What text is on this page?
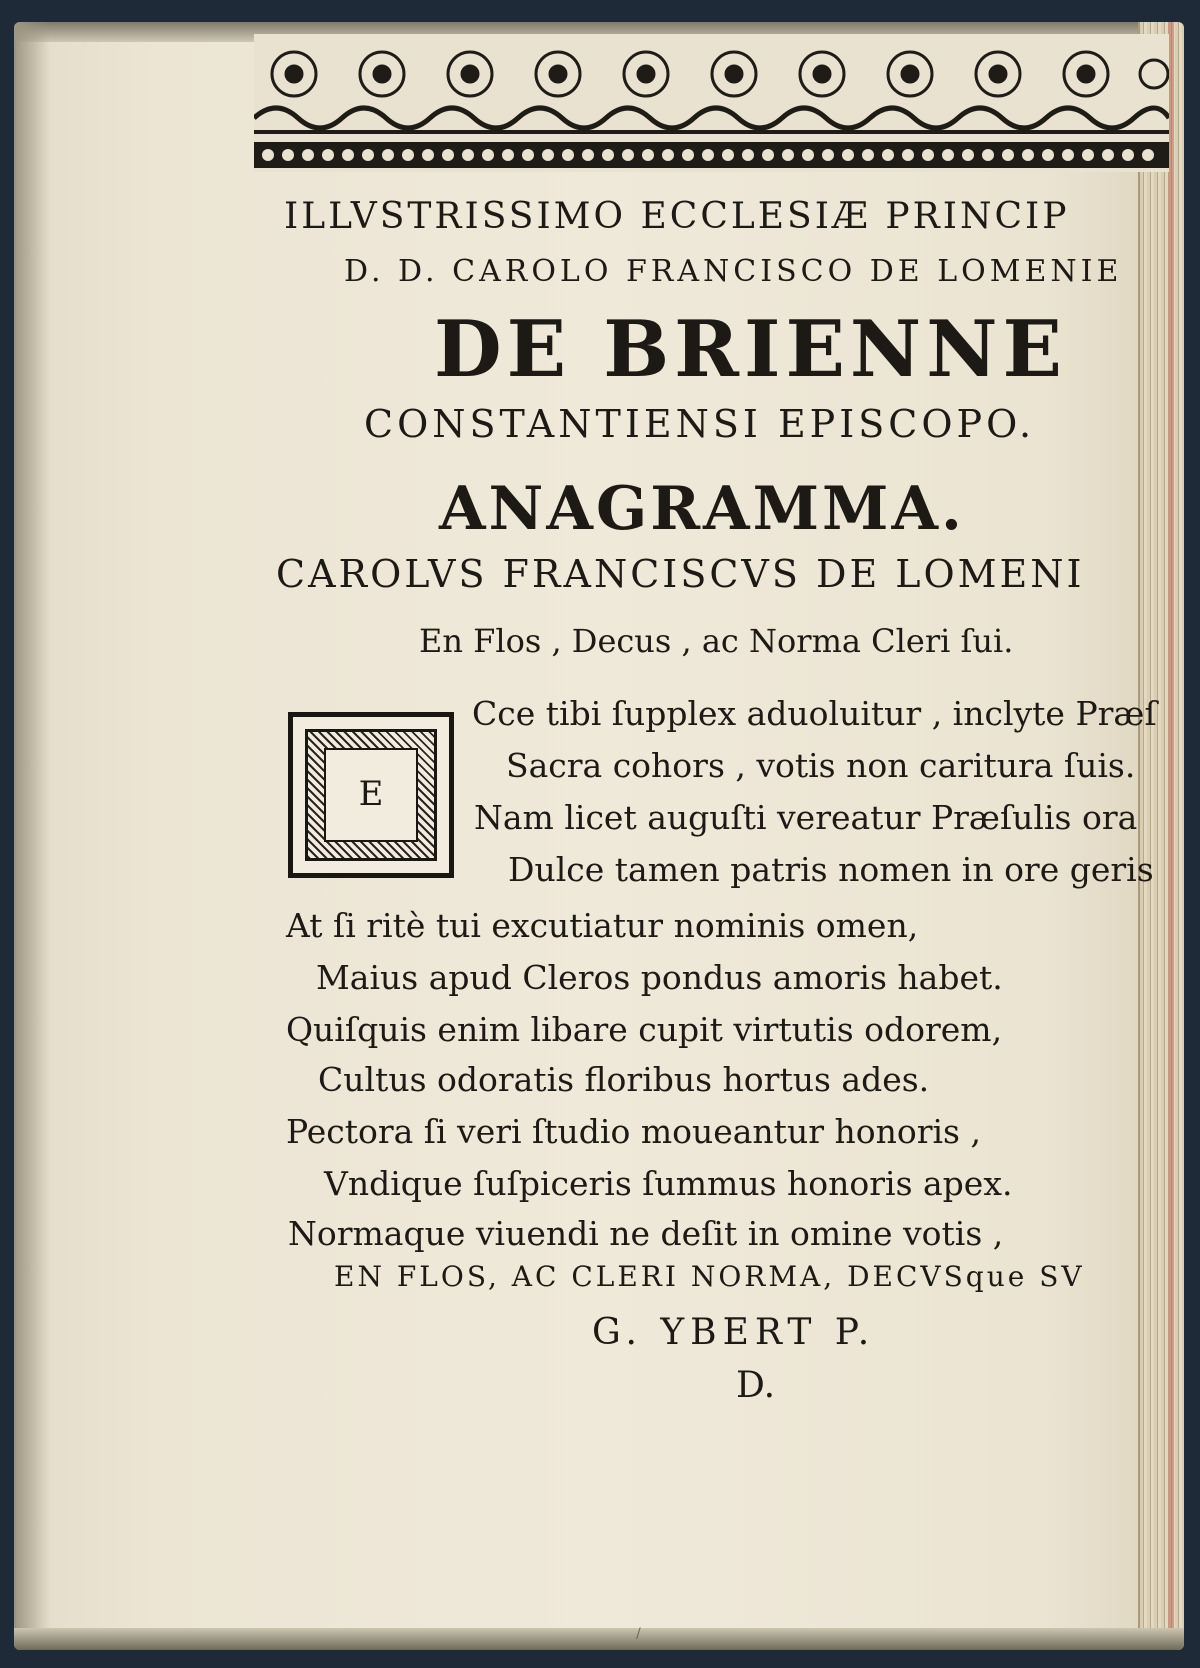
ILLVSTRISSIMO ECCLESIÆ PRINCIP
D. D. CAROLO FRANCISCO DE LOMENIE
DE BRIENNE
CONSTANTIENSI EPISCOPO.
ANAGRAMMA.
CAROLVS FRANCISCVS DE LOMENI
En Flos , Decus , ac Norma Cleri ſui.
E
Cce tibi ſupplex aduoluitur , inclyte Præſ
Sacra cohors , votis non caritura ſuis.
Nam licet auguſti vereatur Præſulis ora
Dulce tamen patris nomen in ore geris
At ſi ritè tui excutiatur nominis omen,
Maius apud Cleros pondus amoris habet.
Quiſquis enim libare cupit virtutis odorem,
Cultus odoratis floribus hortus ades.
Pectora ſi veri ſtudio moueantur honoris ,
Vndique ſuſpiceris ſummus honoris apex.
Normaque viuendi ne deſit in omine votis ,
EN FLOS, AC CLERI NORMA, DECVSque SV
G. YBERT P.
D.
/
